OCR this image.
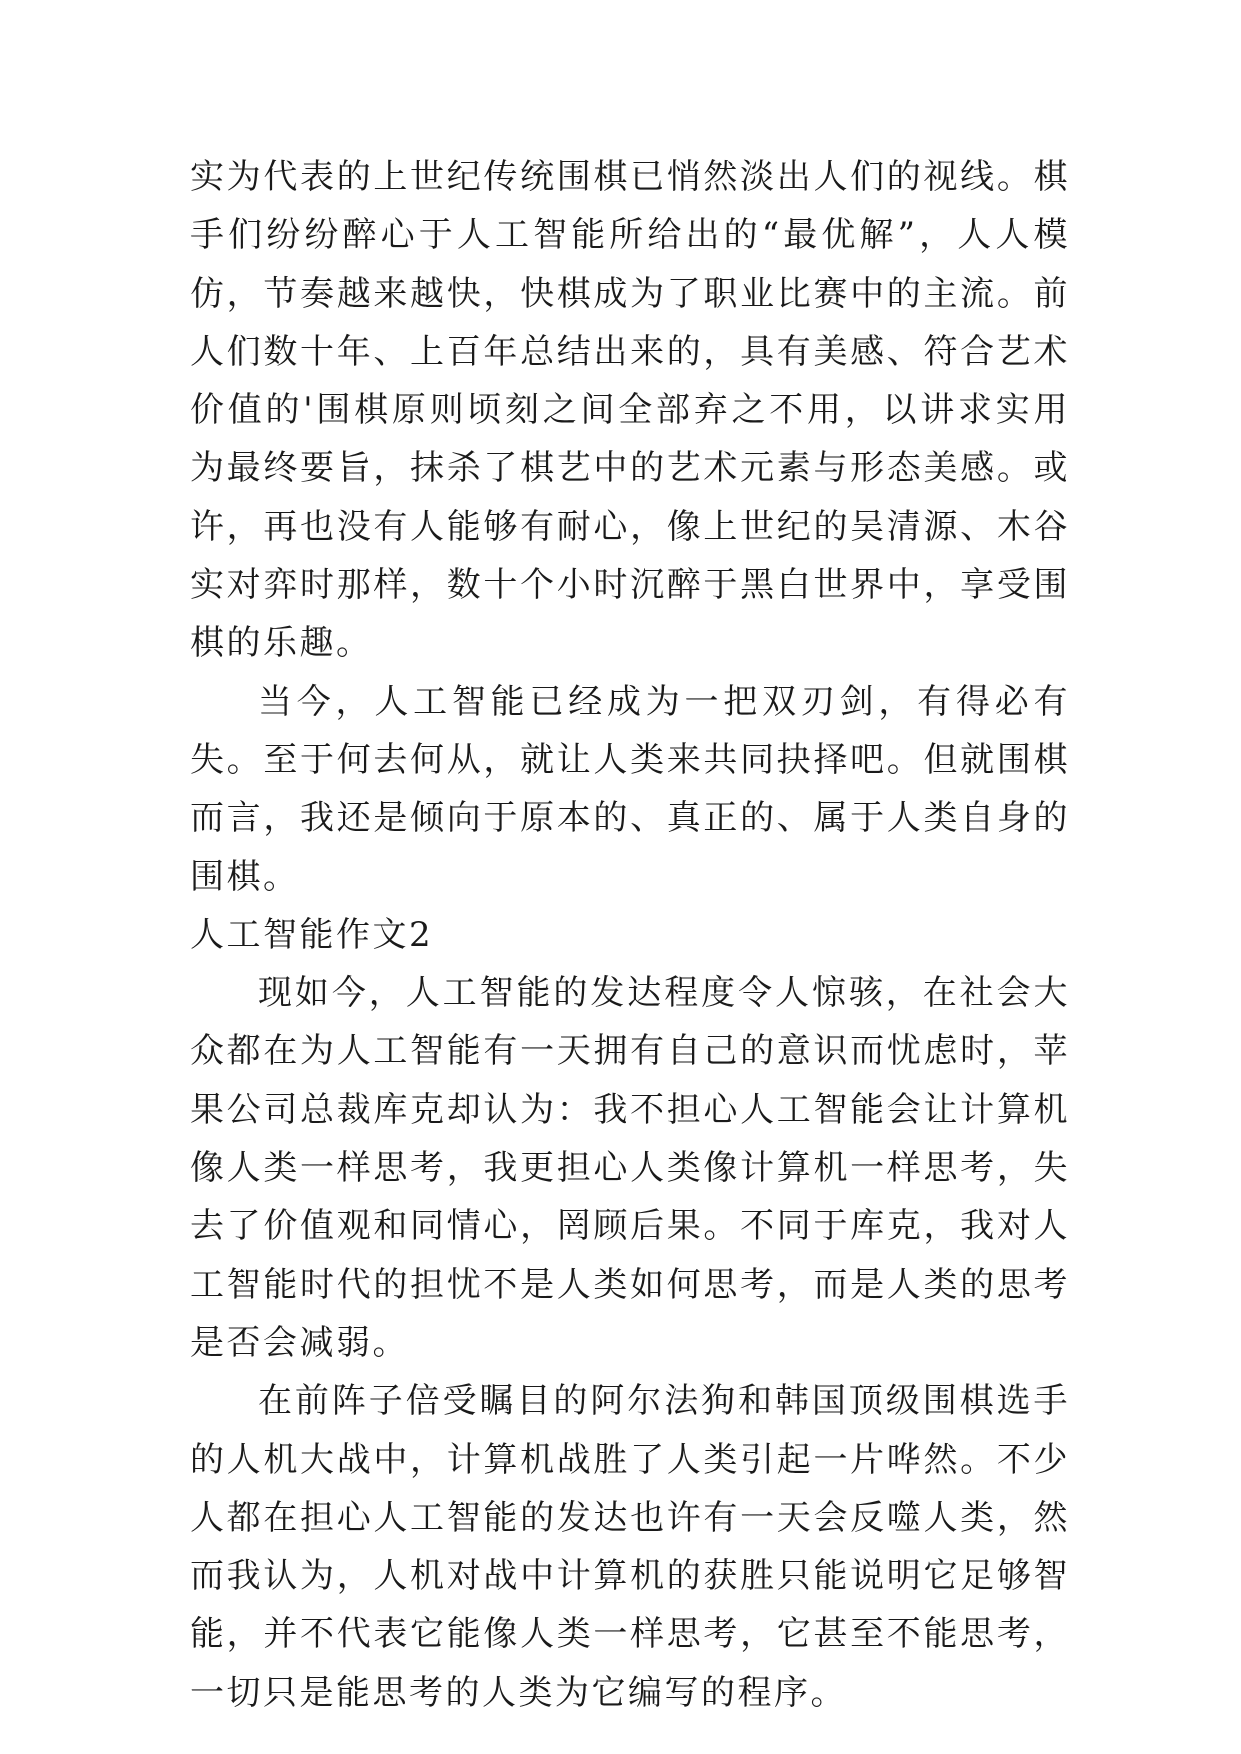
实为代表的上世纪传统围棋已悄然淡出人们的视线。棋手们纷纷醉心于人工智能所给出的“最优解”，人人模仿，节奏越来越快，快棋成为了职业比赛中的主流。前人们数十年、上百年总结出来的，具有美感、符合艺术价值的'围棋原则顷刻之间全部弃之不用，以讲求实用为最终要旨，抹杀了棋艺中的艺术元素与形态美感。或许，再也没有人能够有耐心，像上世纪的吴清源、木谷实对弈时那样，数十个小时沉醉于黑白世界中，享受围棋的乐趣。

当今，人工智能已经成为一把双刃剑，有得必有失。至于何去何从，就让人类来共同抉择吧。但就围棋而言，我还是倾向于原本的、真正的、属于人类自身的围棋。

人工智能作文2

现如今，人工智能的发达程度令人惊骇，在社会大众都在为人工智能有一天拥有自己的意识而忧虑时，苹果公司总裁库克却认为：我不担心人工智能会让计算机像人类一样思考，我更担心人类像计算机一样思考，失去了价值观和同情心，罔顾后果。不同于库克，我对人工智能时代的担忧不是人类如何思考，而是人类的思考是否会减弱。

在前阵子倍受瞩目的阿尔法狗和韩国顶级围棋选手的人机大战中，计算机战胜了人类引起一片哗然。不少人都在担心人工智能的发达也许有一天会反噬人类，然而我认为，人机对战中计算机的获胜只能说明它足够智能，并不代表它能像人类一样思考，它甚至不能思考，一切只是能思考的人类为它编写的程序。
